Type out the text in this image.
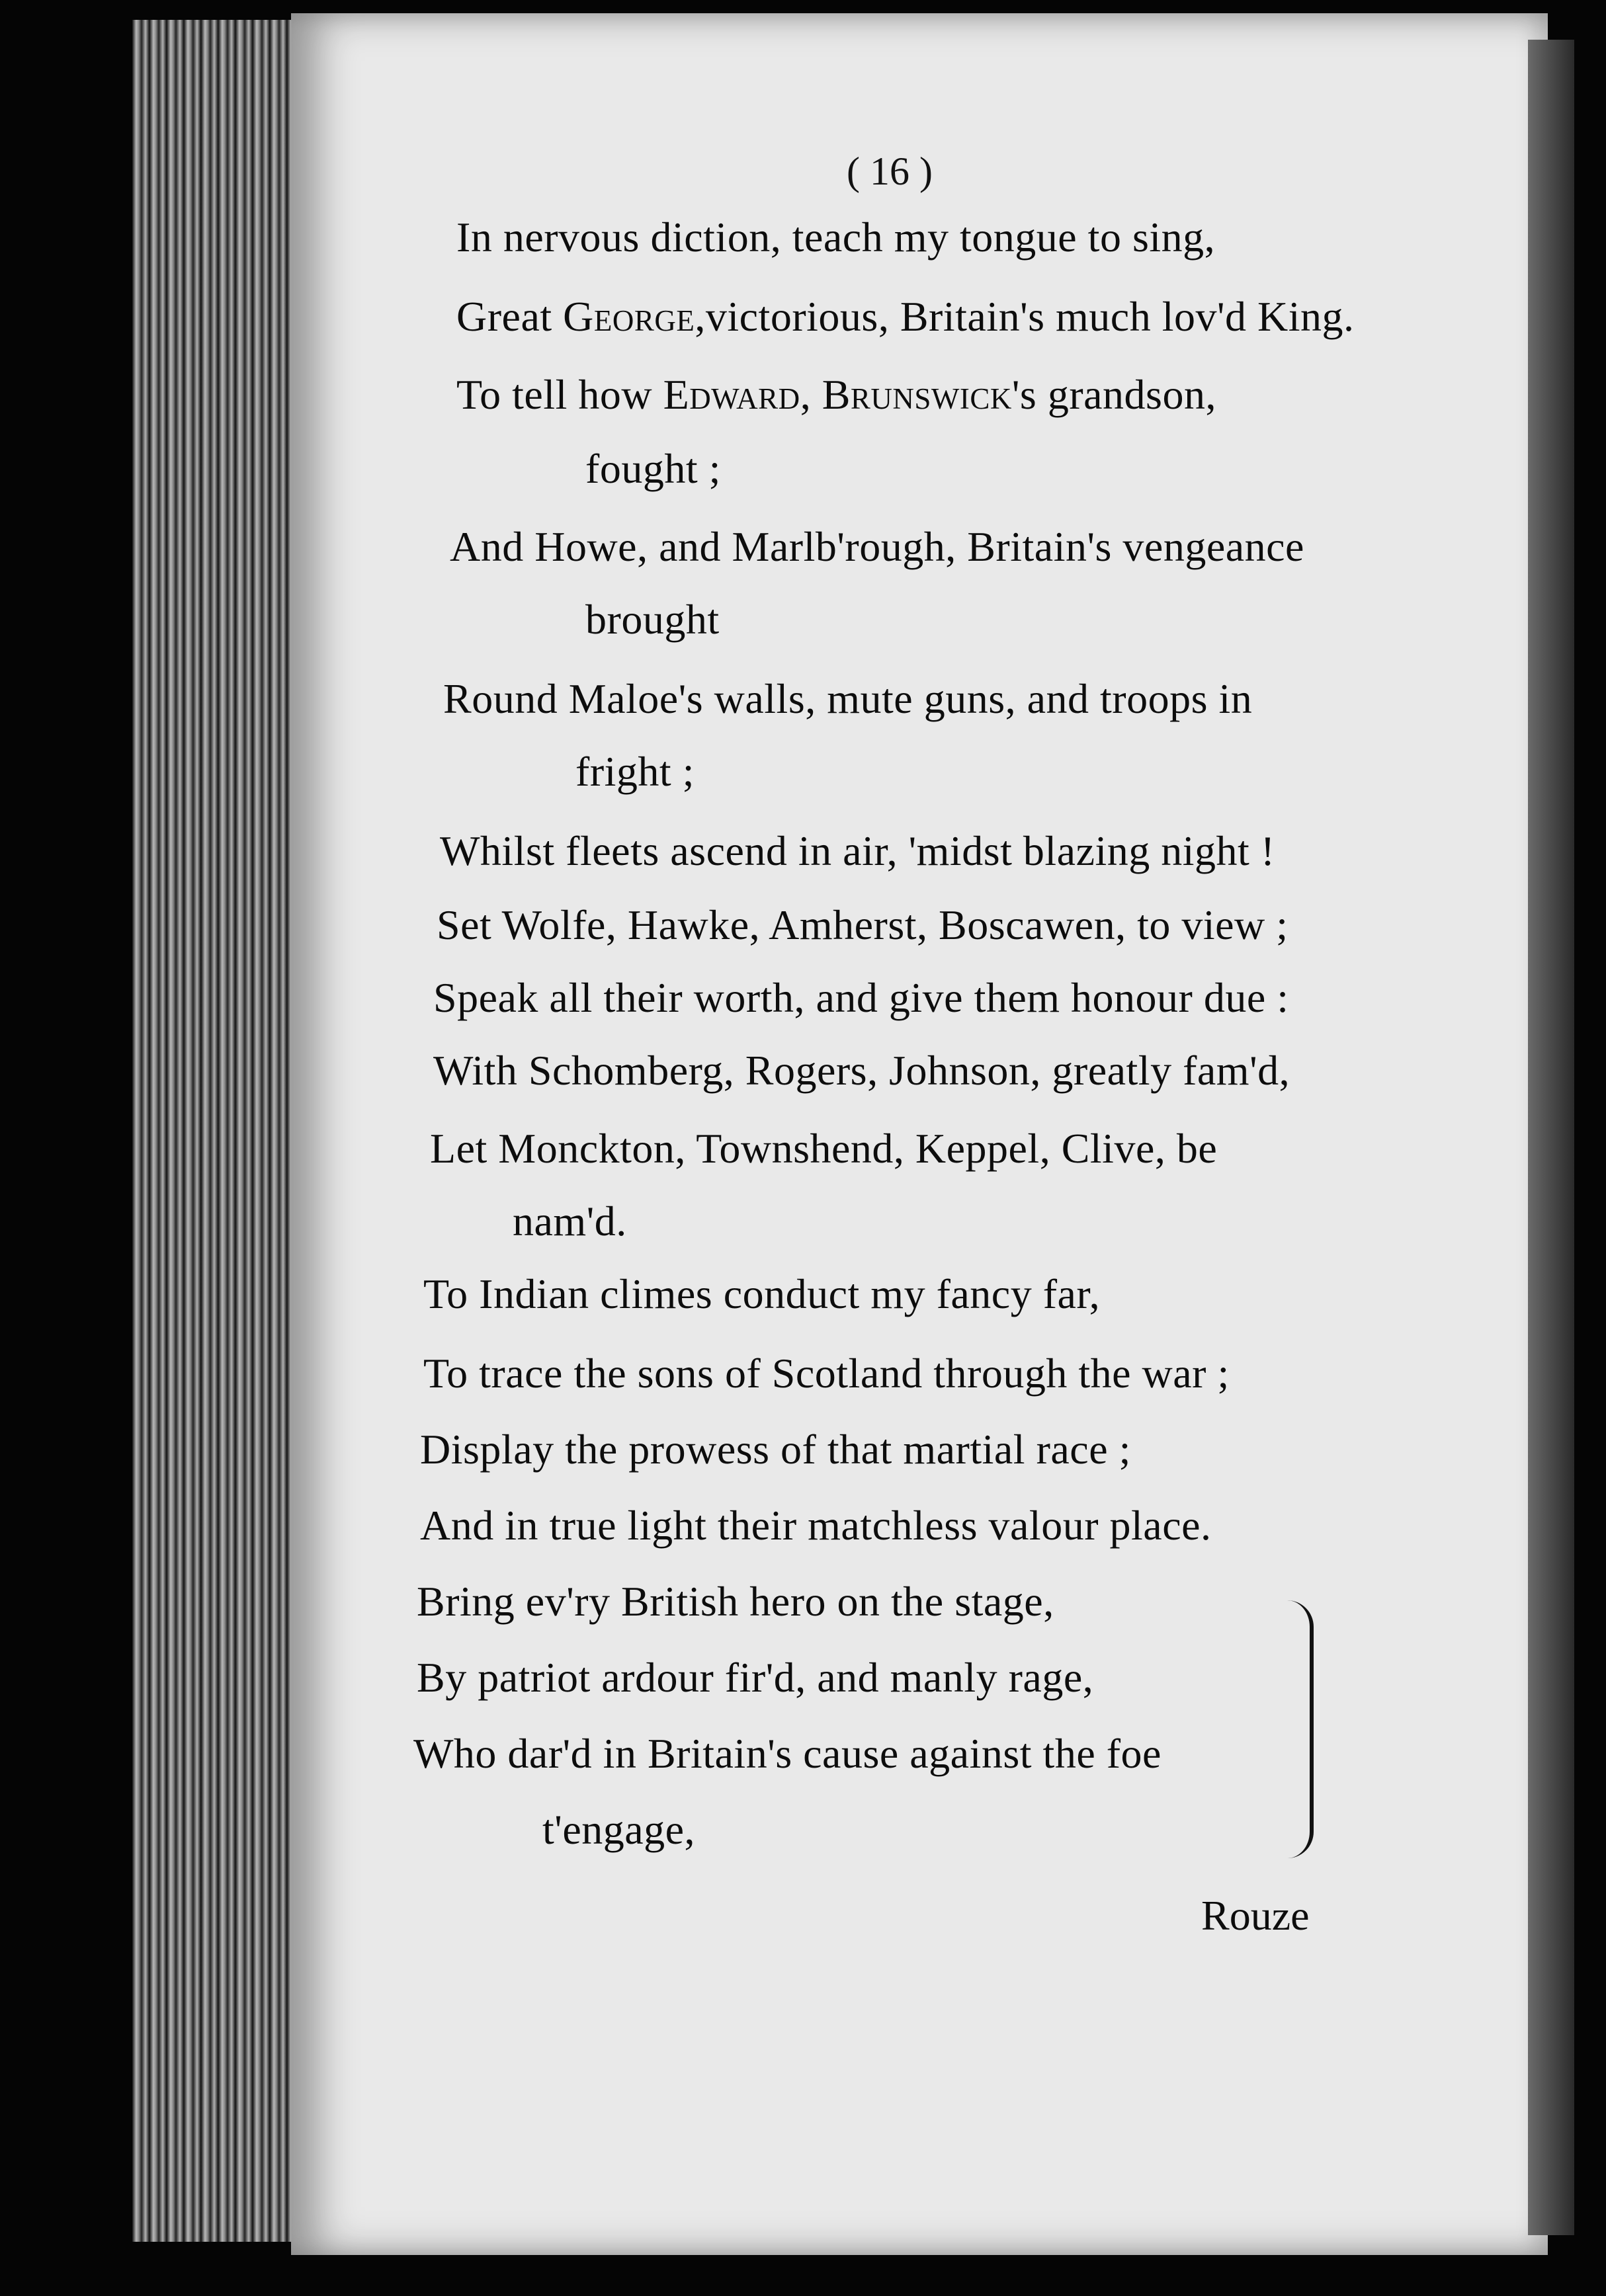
( 16 )
In nervous diction, teach my tongue to sing,
Great George,victorious, Britain's much lov'd King.
To tell how Edward, Brunswick's grandson,
fought ;
And Howe, and Marlb'rough, Britain's vengeance
brought
Round Maloe's walls, mute guns, and troops in
fright ;
Whilst fleets ascend in air, 'midst blazing night !
Set Wolfe, Hawke, Amherst, Boscawen, to view ;
Speak all their worth, and give them honour due :
With Schomberg, Rogers, Johnson, greatly fam'd,
Let Monckton, Townshend, Keppel, Clive, be
nam'd.
To Indian climes conduct my fancy far,
To trace the sons of Scotland through the war ;
Display the prowess of that martial race ;
And in true light their matchless valour place.
Bring ev'ry British hero on the stage,
By patriot ardour fir'd, and manly rage,
Who dar'd in Britain's cause against the foe
t'engage,
Rouze
